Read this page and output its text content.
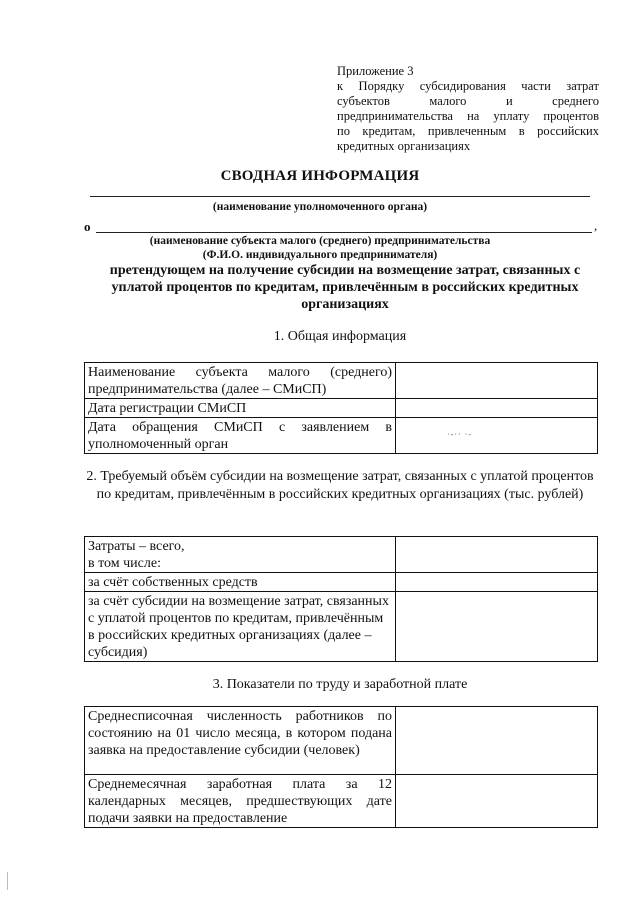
Приложение 3
к Порядку субсидирования части затрат
субъектов малого и среднего
предпринимательства на уплату процентов
по кредитам, привлеченным в российских
кредитных организациях
СВОДНАЯ ИНФОРМАЦИЯ
(наименование уполномоченного органа)
о	,
(наименование субъекта малого (среднего) предпринимательства
(Ф.И.О. индивидуального предпринимателя)
претендующем на получение субсидии на возмещение затрат, связанных с уплатой процентов по кредитам, привлечённым в российских кредитных организациях
1. Общая информация
Наименование субъекта малого (среднего) предпринимательства (далее – СМиСП)	
Дата регистрации СМиСП	
Дата обращения СМиСП с заявлением в уполномоченный орган	
·-·· ·-
2. Требуемый объём субсидии на возмещение затрат, связанных с уплатой процентов по кредитам, привлечённым в российских кредитных организациях (тыс. рублей)
Затраты – всего,
в том числе:	
за счёт собственных средств	
за счёт субсидии на возмещение затрат, связанных с уплатой процентов по кредитам, привлечённым в российских кредитных организациях (далее – субсидия)	
3. Показатели по труду и заработной плате
Среднесписочная численность работников по состоянию на 01 число месяца, в котором подана заявка на предоставление субсидии (человек)	
Среднемесячная заработная плата за 12 календарных месяцев, предшествующих дате подачи заявки на предоставление	
